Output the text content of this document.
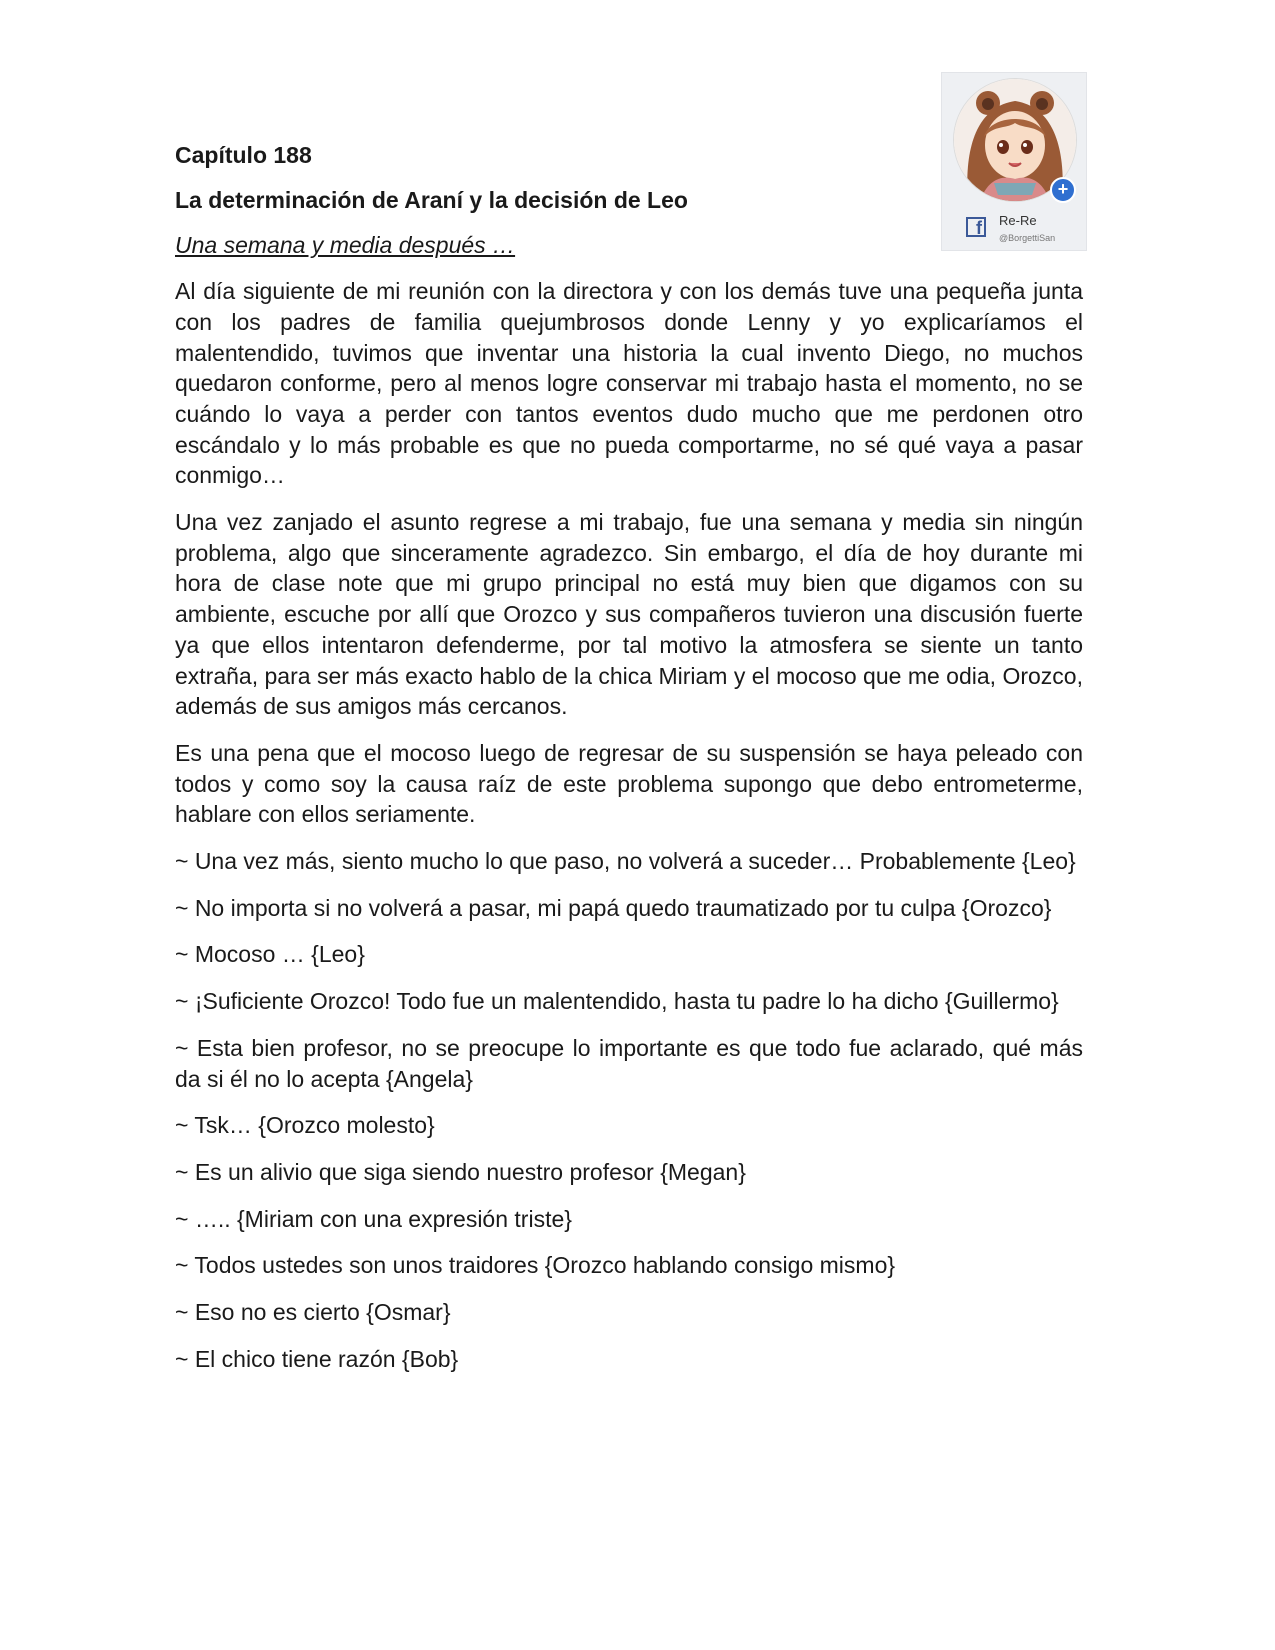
+
f	Re-Re
@BorgettiSan
Capítulo 188
La determinación de Araní y la decisión de Leo
Una semana y media después …

Al día siguiente de mi reunión con la directora y con los demás tuve una pequeña junta con los padres de familia quejumbrosos donde Lenny y yo explicaríamos el malentendido, tuvimos que inventar una historia la cual invento Diego, no muchos quedaron conforme, pero al menos logre conservar mi trabajo hasta el momento, no se cuándo lo vaya a perder con tantos eventos dudo mucho que me perdonen otro escándalo y lo más probable es que no pueda comportarme, no sé qué vaya a pasar conmigo…

Una vez zanjado el asunto regrese a mi trabajo, fue una semana y media sin ningún problema, algo que sinceramente agradezco. Sin embargo, el día de hoy durante mi hora de clase note que mi grupo principal no está muy bien que digamos con su ambiente, escuche por allí que Orozco y sus compañeros tuvieron una discusión fuerte ya que ellos intentaron defenderme, por tal motivo la atmosfera se siente un tanto extraña, para ser más exacto hablo de la chica Miriam y el mocoso que me odia, Orozco, además de sus amigos más cercanos.

Es una pena que el mocoso luego de regresar de su suspensión se haya peleado con todos y como soy la causa raíz de este problema supongo que debo entrometerme, hablare con ellos seriamente.

~ Una vez más, siento mucho lo que paso, no volverá a suceder… Probablemente {Leo}

~ No importa si no volverá a pasar, mi papá quedo traumatizado por tu culpa {Orozco}

~ Mocoso … {Leo}

~ ¡Suficiente Orozco! Todo fue un malentendido, hasta tu padre lo ha dicho {Guillermo}

~ Esta bien profesor, no se preocupe lo importante es que todo fue aclarado, qué más da si él no lo acepta {Angela}

~ Tsk… {Orozco molesto}

~ Es un alivio que siga siendo nuestro profesor {Megan}

~ ….. {Miriam con una expresión triste}

~ Todos ustedes son unos traidores {Orozco hablando consigo mismo}

~ Eso no es cierto {Osmar}

~ El chico tiene razón {Bob}
